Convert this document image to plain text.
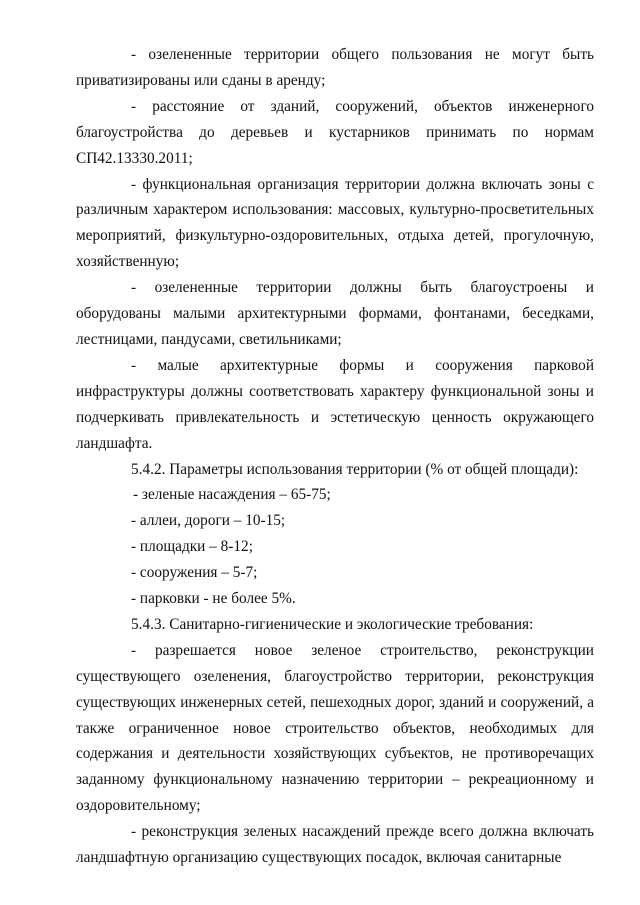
- озелененные территории общего пользования не могут быть приватизированы или сданы в аренду;

- расстояние от зданий, сооружений, объектов инженерного благоустройства до деревьев и кустарников принимать по нормам СП42.13330.2011;

- функциональная организация территории должна включать зоны с различным характером использования: массовых, культурно-просветительных мероприятий, физкультурно-оздоровительных, отдыха детей, прогулочную, хозяйственную;

- озелененные территории должны быть благоустроены и оборудованы малыми архитектурными формами, фонтанами, беседками, лестницами, пандусами, светильниками;

- малые архитектурные формы и сооружения парковой инфраструктуры должны соответствовать характеру функциональной зоны и подчеркивать привлекательность и эстетическую ценность окружающего ландшафта.

5.4.2. Параметры использования территории (% от общей площади):

- зеленые насаждения – 65-75;

- аллеи, дороги – 10-15;

- площадки – 8-12;

- сооружения – 5-7;

- парковки - не более 5%.

5.4.3. Санитарно-гигиенические и экологические требования:

- разрешается новое зеленое строительство, реконструкции существующего озеленения, благоустройство территории, реконструкция существующих инженерных сетей, пешеходных дорог, зданий и сооружений, а также ограниченное новое строительство объектов, необходимых для содержания и деятельности хозяйствующих субъектов, не противоречащих заданному функциональному назначению территории – рекреационному и оздоровительному;

- реконструкция зеленых насаждений прежде всего должна включать ландшафтную организацию существующих посадок, включая санитарные
